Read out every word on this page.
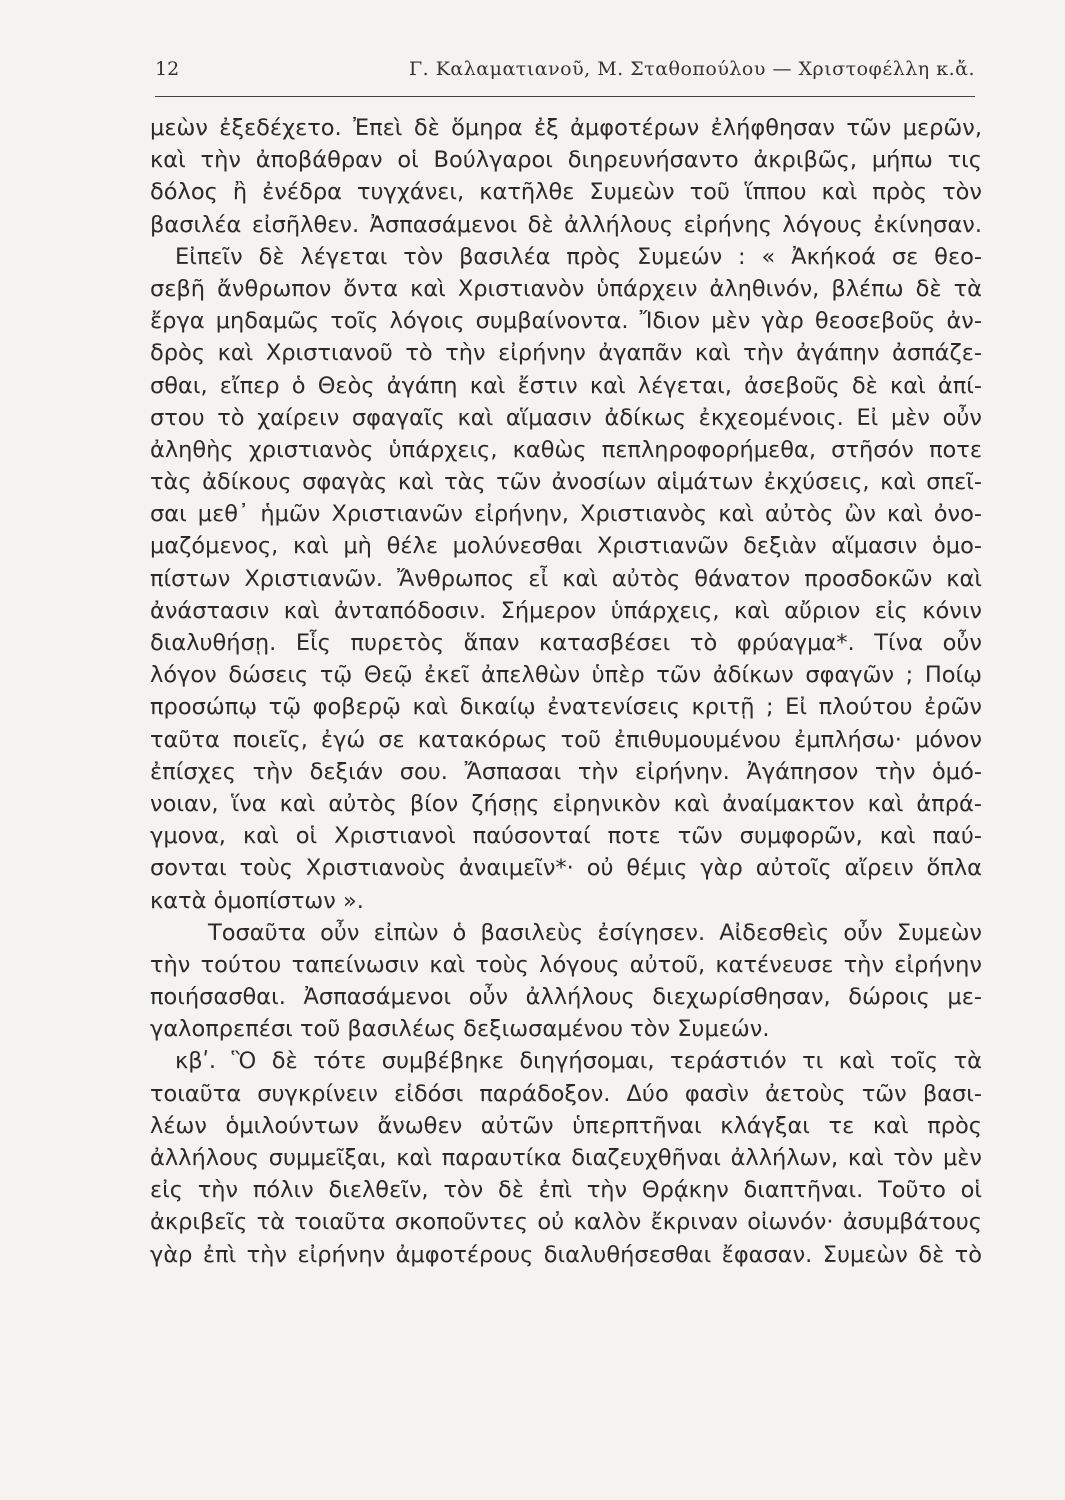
12	Γ. Καλαματιανοῦ, Μ. Σταθοπούλου — Χριστοφέλλη κ.ἄ.
μεὼν ἐξεδέχετο. Ἐπεὶ δὲ ὅμηρα ἐξ ἀμφοτέρων ἐλήφθησαν τῶν μερῶν,
καὶ τὴν ἀποβάθραν οἱ Βούλγαροι διηρευνήσαντο ἀκριβῶς, μήπω τις
δόλος ἢ ἐνέδρα τυγχάνει, κατῆλθε Συμεὼν τοῦ ἵππου καὶ πρὸς τὸν
βασιλέα εἰσῆλθεν. Ἀσπασάμενοι δὲ ἀλλήλους εἰρήνης λόγους ἐκίνησαν.
Εἰπεῖν δὲ λέγεται τὸν βασιλέα πρὸς Συμεών : « Ἀκήκοά σε θεο-
σεβῆ ἄνθρωπον ὄντα καὶ Χριστιανὸν ὑπάρχειν ἀληθινόν, βλέπω δὲ τὰ
ἔργα μηδαμῶς τοῖς λόγοις συμβαίνοντα. Ἴδιον μὲν γὰρ θεοσεβοῦς ἀν-
δρὸς καὶ Χριστιανοῦ τὸ τὴν εἰρήνην ἀγαπᾶν καὶ τὴν ἀγάπην ἀσπάζε-
σθαι, εἴπερ ὁ Θεὸς ἀγάπη καὶ ἔστιν καὶ λέγεται, ἀσεβοῦς δὲ καὶ ἀπί-
στου τὸ χαίρειν σφαγαῖς καὶ αἵμασιν ἀδίκως ἐκχεομένοις. Εἰ μὲν οὖν
ἀληθὴς χριστιανὸς ὑπάρχεις, καθὼς πεπληροφορήμεθα, στῆσόν ποτε
τὰς ἀδίκους σφαγὰς καὶ τὰς τῶν ἀνοσίων αἱμάτων ἐκχύσεις, καὶ σπεῖ-
σαι μεθ᾽ ἡμῶν Χριστιανῶν εἰρήνην, Χριστιανὸς καὶ αὐτὸς ὢν καὶ ὀνο-
μαζόμενος, καὶ μὴ θέλε μολύνεσθαι Χριστιανῶν δεξιὰν αἵμασιν ὁμο-
πίστων Χριστιανῶν. Ἄνθρωπος εἶ καὶ αὐτὸς θάνατον προσδοκῶν καὶ
ἀνάστασιν καὶ ἀνταπόδοσιν. Σήμερον ὑπάρχεις, καὶ αὔριον εἰς κόνιν
διαλυθήσῃ. Εἷς πυρετὸς ἅπαν κατασβέσει τὸ φρύαγμα*. Τίνα οὖν
λόγον δώσεις τῷ Θεῷ ἐκεῖ ἀπελθὼν ὑπὲρ τῶν ἀδίκων σφαγῶν ; Ποίῳ
προσώπῳ τῷ φοβερῷ καὶ δικαίῳ ἐνατενίσεις κριτῇ ; Εἰ πλούτου ἐρῶν
ταῦτα ποιεῖς, ἐγώ σε κατακόρως τοῦ ἐπιθυμουμένου ἐμπλήσω· μόνον
ἐπίσχες τὴν δεξιάν σου. Ἄσπασαι τὴν εἰρήνην. Ἀγάπησον τὴν ὁμό-
νοιαν, ἵνα καὶ αὐτὸς βίον ζήσῃς εἰρηνικὸν καὶ ἀναίμακτον καὶ ἀπρά-
γμονα, καὶ οἱ Χριστιανοὶ παύσονταί ποτε τῶν συμφορῶν, καὶ παύ-
σονται τοὺς Χριστιανοὺς ἀναιμεῖν*· οὐ θέμις γὰρ αὐτοῖς αἴρειν ὅπλα
κατὰ ὁμοπίστων ».
Τοσαῦτα οὖν εἰπὼν ὁ βασιλεὺς ἐσίγησεν. Αἰδεσθεὶς οὖν Συμεὼν
τὴν τούτου ταπείνωσιν καὶ τοὺς λόγους αὐτοῦ, κατένευσε τὴν εἰρήνην
ποιήσασθαι. Ἀσπασάμενοι οὖν ἀλλήλους διεχωρίσθησαν, δώροις με-
γαλοπρεπέσι τοῦ βασιλέως δεξιωσαμένου τὸν Συμεών.
κβʹ. Ὃ δὲ τότε συμβέβηκε διηγήσομαι, τεράστιόν τι καὶ τοῖς τὰ
τοιαῦτα συγκρίνειν εἰδόσι παράδοξον. Δύο φασὶν ἀετοὺς τῶν βασι-
λέων ὁμιλούντων ἄνωθεν αὐτῶν ὑπερπτῆναι κλάγξαι τε καὶ πρὸς
ἀλλήλους συμμεῖξαι, καὶ παραυτίκα διαζευχθῆναι ἀλλήλων, καὶ τὸν μὲν
εἰς τὴν πόλιν διελθεῖν, τὸν δὲ ἐπὶ τὴν Θρᾴκην διαπτῆναι. Τοῦτο οἱ
ἀκριβεῖς τὰ τοιαῦτα σκοποῦντες οὐ καλὸν ἔκριναν οἰωνόν· ἀσυμβάτους
γὰρ ἐπὶ τὴν εἰρήνην ἀμφοτέρους διαλυθήσεσθαι ἔφασαν. Συμεὼν δὲ τὸ
